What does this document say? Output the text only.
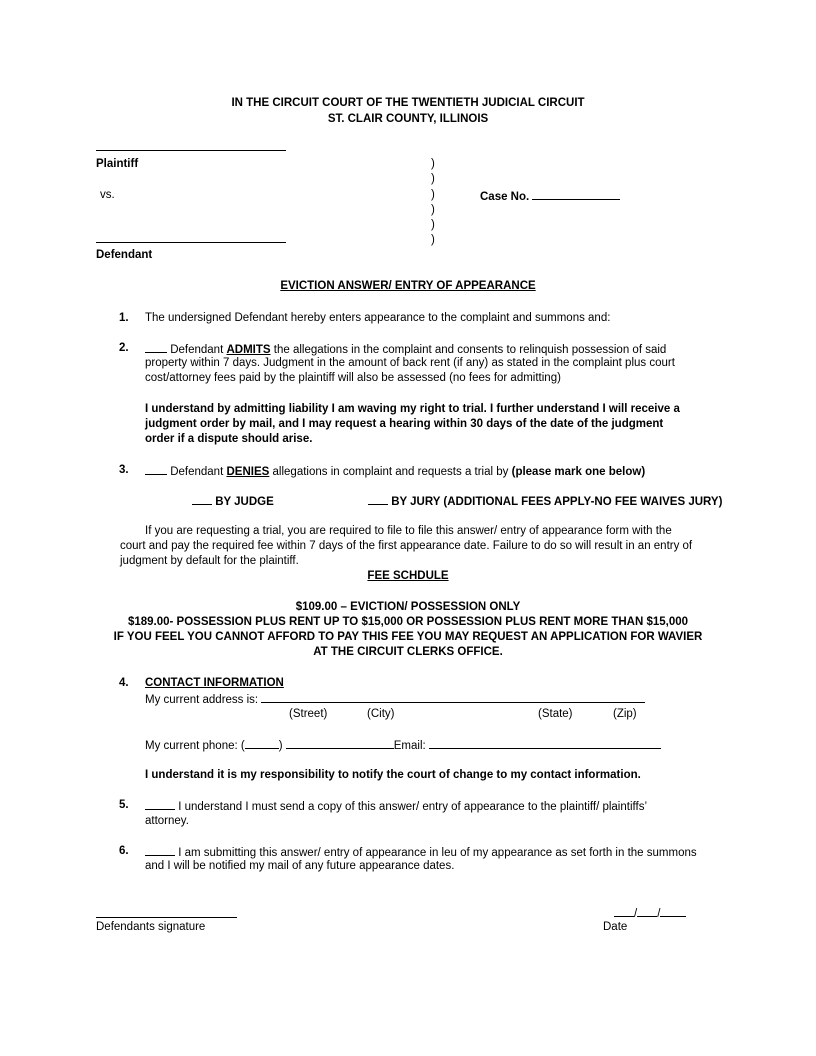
IN THE CIRCUIT COURT OF THE TWENTIETH JUDICIAL CIRCUIT
ST. CLAIR COUNTY, ILLINOIS
Plaintiff
vs.
Defendant
)
)
)
)
)
)
Case No.
EVICTION ANSWER/ ENTRY OF APPEARANCE
1. The undersigned Defendant hereby enters appearance to the complaint and summons and:
2.	Defendant ADMITS the allegations in the complaint and consents to relinquish possession of said
property within 7 days. Judgment in the amount of back rent (if any) as stated in the complaint plus court
cost/attorney fees paid by the plaintiff will also be assessed (no fees for admitting)
I understand by admitting liability I am waving my right to trial. I further understand I will receive a
judgment order by mail, and I may request a hearing within 30 days of the date of the judgment
order if a dispute should arise.
3.	Defendant DENIES allegations in complaint and requests a trial by (please mark one below)
BY JUDGE	BY JURY (ADDITIONAL FEES APPLY-NO FEE WAIVES JURY)
If you are requesting a trial, you are required to file to file this answer/ entry of appearance form with the
court and pay the required fee within 7 days of the first appearance date. Failure to do so will result in an entry of
judgment by default for the plaintiff.
FEE SCHDULE
$109.00 – EVICTION/ POSSESSION ONLY
$189.00- POSSESSION PLUS RENT UP TO $15,000 OR POSSESSION PLUS RENT MORE THAN $15,000
IF YOU FEEL YOU CANNOT AFFORD TO PAY THIS FEE YOU MAY REQUEST AN APPLICATION FOR WAVIER
AT THE CIRCUIT CLERKS OFFICE.
4. CONTACT INFORMATION
My current address is:
(Street)	(City)	(State)	(Zip)
My current phone: (	)	Email:
I understand it is my responsibility to notify the court of change to my contact information.
5.	I understand I must send a copy of this answer/ entry of appearance to the plaintiff/ plaintiffs’
attorney.
6.	I am submitting this answer/ entry of appearance in leu of my appearance as set forth in the summons
and I will be notified my mail of any future appearance dates.
Defendants signature
/ /
Date
